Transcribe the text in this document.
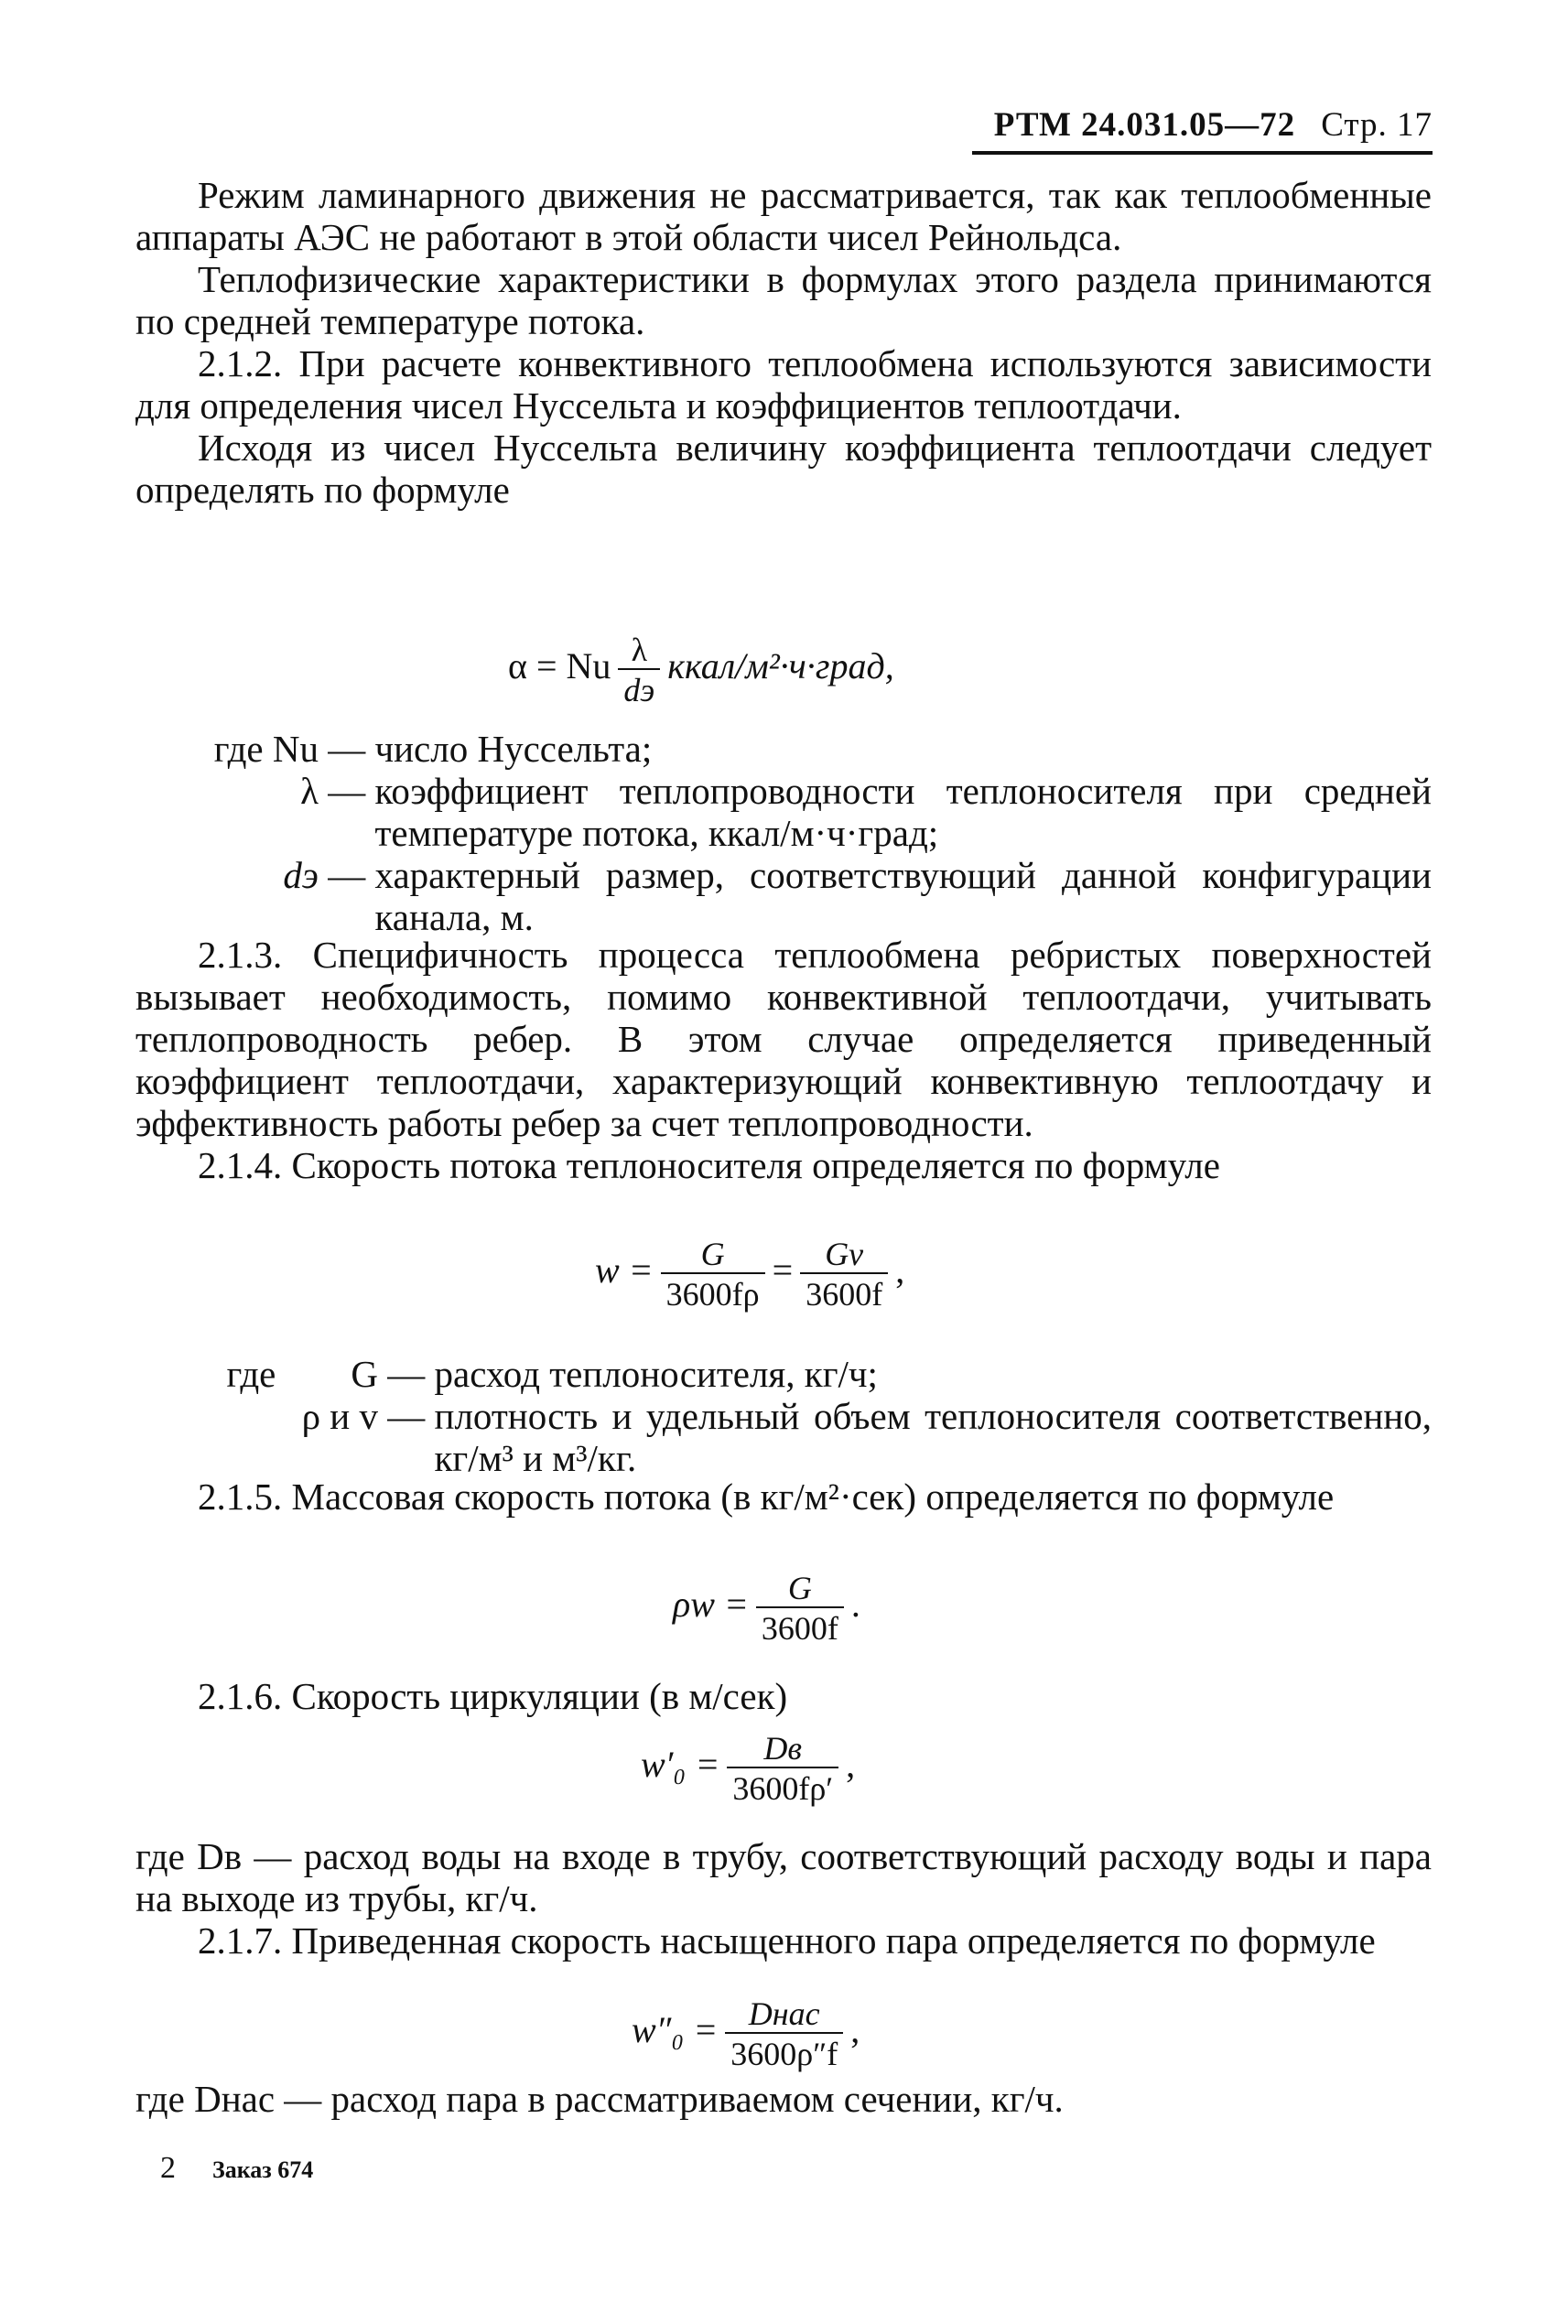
РТМ 24.031.05—72 Стр. 17

Режим ламинарного движения не рассматривается, так как теплообменные аппараты АЭС не работают в этой области чисел Рейнольдса.

Теплофизические характеристики в формулах этого раздела принимаются по средней температуре потока.

2.1.2. При расчете конвективного теплообмена используются зависимости для определения чисел Нуссельта и коэффициентов теплоотдачи.

Исходя из чисел Нуссельта величину коэффициента теплоотдачи следует определять по формуле

α = Nu $\frac{\lambda}{dэ}$ ккал/м²·ч·град,
где Nu — число Нуссельта;
λ — коэффициент теплопроводности теплоносителя при средней температуре потока, ккал/м·ч·град;
dэ — характерный размер, соответствующий данной конфигурации канала, м.

2.1.3. Специфичность процесса теплообмена ребристых поверхностей вызывает необходимость, помимо конвективной теплоотдачи, учитывать теплопроводность ребер. В этом случае определяется приведенный коэффициент теплоотдачи, характеризующий конвективную теплоотдачу и эффективность работы ребер за счет теплопроводности.

2.1.4. Скорость потока теплоносителя определяется по формуле

$w = \frac{G}{3600f\rho} = \frac{Gv}{3600f}$ ,
где        G — расход теплоносителя, кг/ч;
ρ и v — плотность и удельный объем теплоносителя соответственно, кг/м³ и м³/кг.

2.1.5. Массовая скорость потока (в кг/м²·сек) определяется по формуле

$\rho w = \frac{G}{3600f}$ .

2.1.6. Скорость циркуляции (в м/сек)

$w'_0 = \frac{Dв}{3600f\rho'}$ ,

где Dв — расход воды на входе в трубу, соответствующий расходу воды и пара на выходе из трубы, кг/ч.

2.1.7. Приведенная скорость насыщенного пара определяется по формуле

$w''_0 = \frac{\text{Dнас}}{3600\rho''f}$ ,

где Dнас — расход пара в рассматриваемом сечении, кг/ч.

2 Заказ 674
